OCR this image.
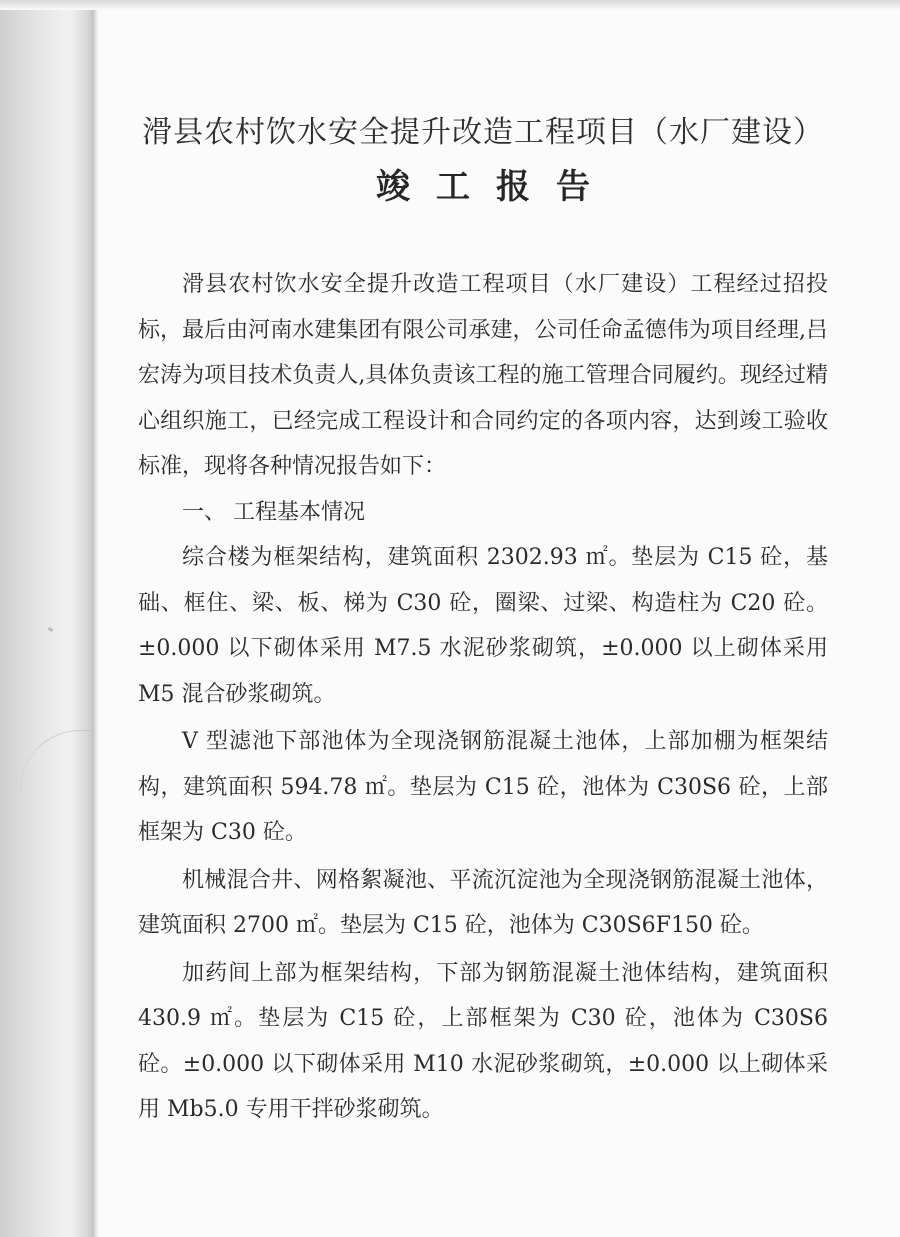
滑县农村饮水安全提升改造工程项目（水厂建设）
竣工报告

滑县农村饮水安全提升改造工程项目（水厂建设）工程经过招投标，最后由河南水建集团有限公司承建，公司任命孟德伟为项目经理,吕宏涛为项目技术负责人,具体负责该工程的施工管理合同履约。现经过精心组织施工，已经完成工程设计和合同约定的各项内容，达到竣工验收标准，现将各种情况报告如下：

一、 工程基本情况

综合楼为框架结构，建筑面积 2302.93 ㎡。垫层为 C15 砼，基础、框住、梁、板、梯为 C30 砼，圈梁、过梁、构造柱为 C20 砼。±0.000 以下砌体采用 M7.5 水泥砂浆砌筑，±0.000 以上砌体采用 M5 混合砂浆砌筑。

V 型滤池下部池体为全现浇钢筋混凝土池体，上部加棚为框架结构，建筑面积 594.78 ㎡。垫层为 C15 砼，池体为 C30S6 砼，上部框架为 C30 砼。

机械混合井、网格絮凝池、平流沉淀池为全现浇钢筋混凝土池体，建筑面积 2700 ㎡。垫层为 C15 砼，池体为 C30S6F150 砼。

加药间上部为框架结构，下部为钢筋混凝土池体结构，建筑面积 430.9 ㎡。垫层为 C15 砼，上部框架为 C30 砼，池体为 C30S6 砼。±0.000 以下砌体采用 M10 水泥砂浆砌筑，±0.000 以上砌体采用 Mb5.0 专用干拌砂浆砌筑。
